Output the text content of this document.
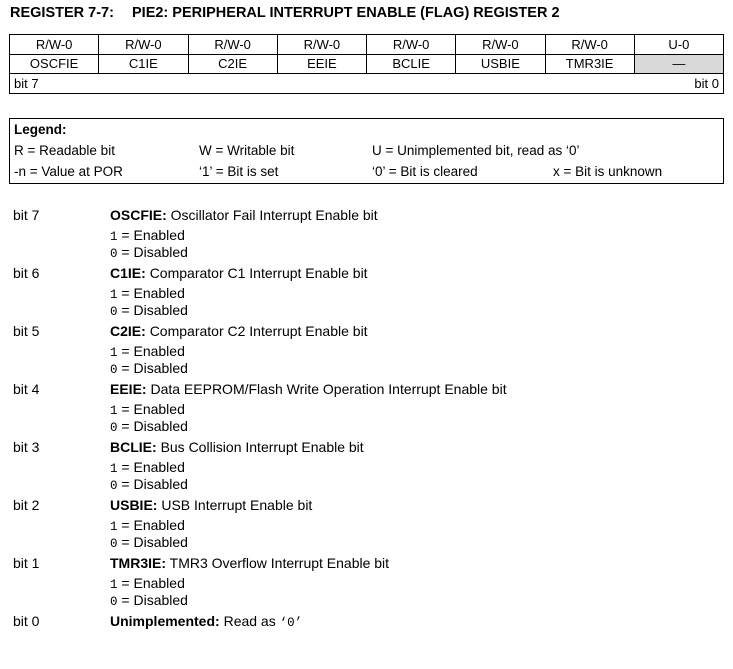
REGISTER 7-7: PIE2: PERIPHERAL INTERRUPT ENABLE (FLAG) REGISTER 2
R/W-0	R/W-0	R/W-0	R/W-0	R/W-0	R/W-0	R/W-0	U-0
OSCFIE	C1IE	C2IE	EEIE	BCLIE	USBIE	TMR3IE	—
bit 7 bit 0							
Legend:
R = Readable bit	W = Writable bit	U = Unimplemented bit, read as ‘0’
-n = Value at POR	‘1’ = Bit is set	‘0’ = Bit is cleared	x = Bit is unknown
bit 7	OSCFIE: Oscillator Fail Interrupt Enable bit
1 = Enabled
0 = Disabled
bit 6	C1IE: Comparator C1 Interrupt Enable bit
1 = Enabled
0 = Disabled
bit 5	C2IE: Comparator C2 Interrupt Enable bit
1 = Enabled
0 = Disabled
bit 4	EEIE: Data EEPROM/Flash Write Operation Interrupt Enable bit
1 = Enabled
0 = Disabled
bit 3	BCLIE: Bus Collision Interrupt Enable bit
1 = Enabled
0 = Disabled
bit 2	USBIE: USB Interrupt Enable bit
1 = Enabled
0 = Disabled
bit 1	TMR3IE: TMR3 Overflow Interrupt Enable bit
1 = Enabled
0 = Disabled
bit 0	Unimplemented: Read as ‘0’
